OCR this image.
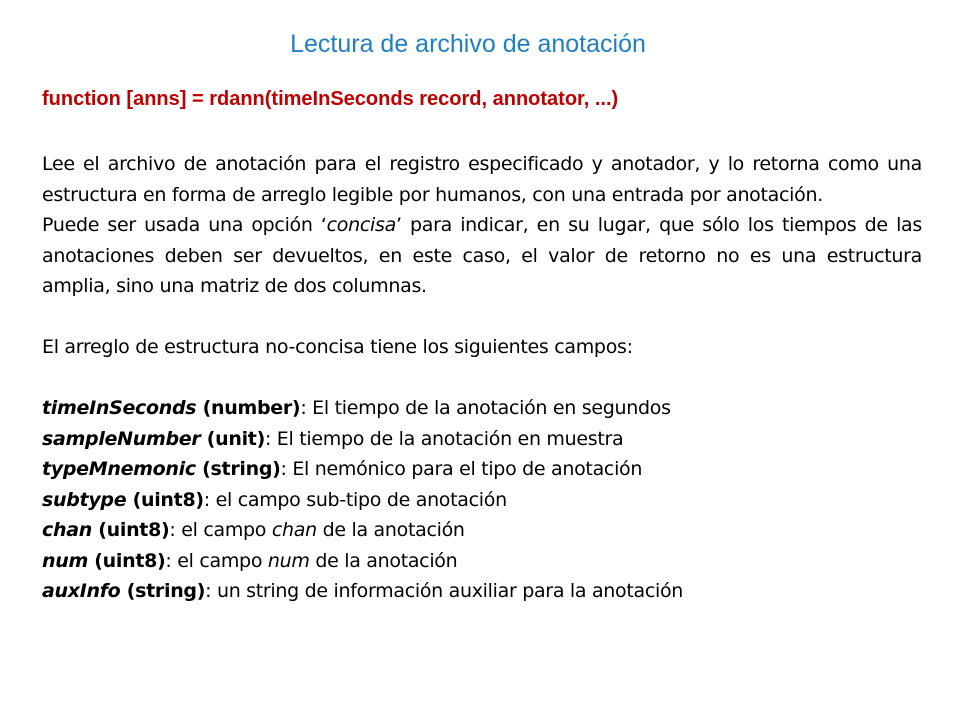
Lectura de archivo de anotación
function [anns] = rdann(timeInSeconds record, annotator, ...)

Lee el archivo de anotación para el registro especificado y anotador, y lo retorna como una estructura en forma de arreglo legible por humanos, con una entrada por anotación.

Puede ser usada una opción ‘concisa’ para indicar, en su lugar, que sólo los tiempos de las anotaciones deben ser devueltos, en este caso, el valor de retorno no es una estructura amplia, sino una matriz de dos columnas.

El arreglo de estructura no-concisa tiene los siguientes campos:

timeInSeconds (number): El tiempo de la anotación en segundos
sampleNumber (unit): El tiempo de la anotación en muestra
typeMnemonic (string): El nemónico para el tipo de anotación
subtype (uint8): el campo sub-tipo de anotación
chan (uint8): el campo chan de la anotación
num (uint8): el campo num de la anotación
auxInfo (string): un string de información auxiliar para la anotación
